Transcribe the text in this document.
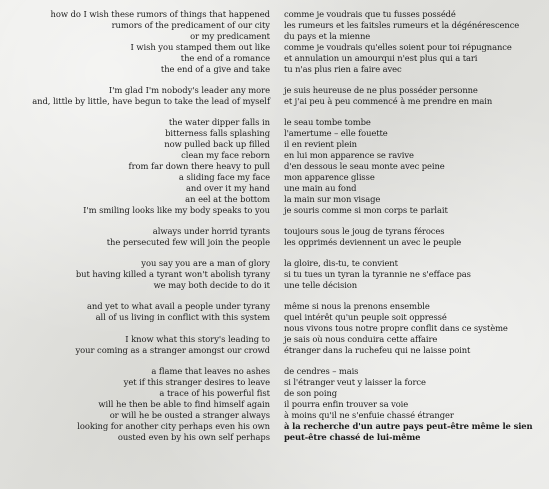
how do I wish these rumors of things that happened
rumors of the predicament of our city
or my predicament
I wish you stamped them out like
the end of a romance
the end of a give and take
I'm glad I'm nobody's leader any more
and, little by little, have begun to take the lead of myself
the water dipper falls in
bitterness falls splashing
now pulled back up filled
clean my face reborn
from far down there heavy to pull
a sliding face my face
and over it my hand
an eel at the bottom
I'm smiling looks like my body speaks to you
always under horrid tyrants
the persecuted few will join the people
you say you are a man of glory
but having killed a tyrant won't abolish tyrany
we may both decide to do it
and yet to what avail a people under tyrany
all of us living in conflict with this system
I know what this story's leading to
your coming as a stranger amongst our crowd
a flame that leaves no ashes
yet if this stranger desires to leave
a trace of his powerful fist
will he then be able to find himself again
or will he be ousted a stranger always
looking for another city perhaps even his own
ousted even by his own self perhaps
comme je voudrais que tu fusses possédé
les rumeurs et les faitsles rumeurs et la dégénérescence
du pays et la mienne
comme je voudrais qu'elles soient pour toi répugnance
et annulation un amourqui n'est plus qui a tari
tu n'as plus rien a faire avec
je suis heureuse de ne plus posséder personne
et j'ai peu à peu commencé à me prendre en main
le seau tombe tombe
l'amertume – elle fouette
il en revient plein
en lui mon apparence se ravive
d'en dessous le seau monte avec peine
mon apparence glisse
une main au fond
la main sur mon visage
je souris comme si mon corps te parlait
toujours sous le joug de tyrans féroces
les opprimés deviennent un avec le peuple
la gloire, dis-tu, te convient
si tu tues un tyran la tyrannie ne s'efface pas
une telle décision
même si nous la prenons ensemble
quel intérêt qu'un peuple soit oppressé
nous vivons tous notre propre conflit dans ce système
je sais où nous conduira cette affaire
étranger dans la ruchefeu qui ne laisse point
de cendres – mais
si l'étranger veut y laisser la force
de son poing
il pourra enfin trouver sa voie
à moins qu'il ne s'enfuie chassé étranger
à la recherche d'un autre pays peut-être même le sien
peut-être chassé de lui-même
